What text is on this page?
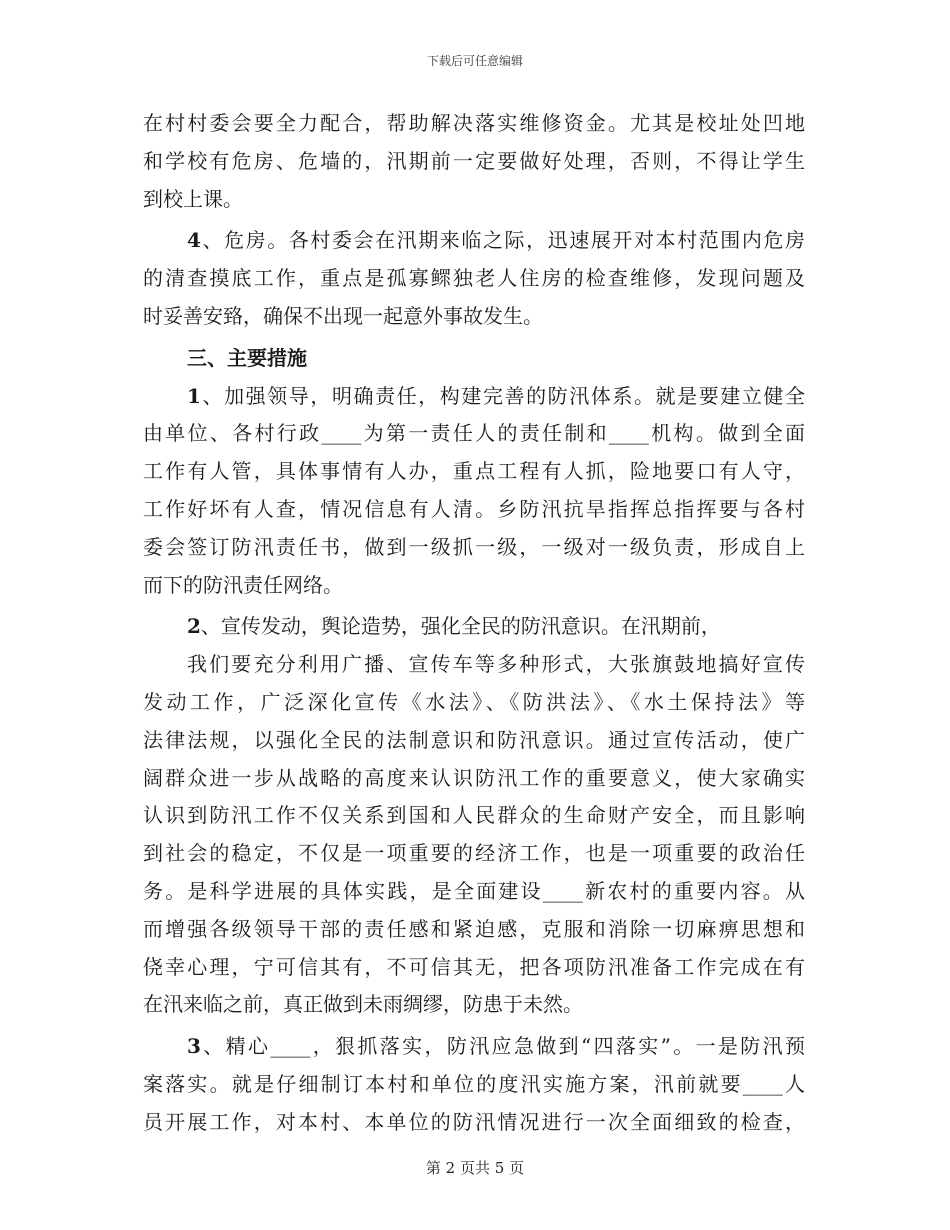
下载后可任意编辑
在村村委会要全力配合，帮助解决落实维修资金。尤其是校址处凹地
和学校有危房、危墙的，汛期前一定要做好处理，否则，不得让学生
到校上课。
4、危房。各村委会在汛期来临之际，迅速展开对本村范围内危房
的清查摸底工作，重点是孤寡鳏独老人住房的检查维修，发现问题及
时妥善安臵，确保不出现一起意外事故发生。
三、主要措施
1、加强领导，明确责任，构建完善的防汛体系。就是要建立健全
由单位、各村行政____为第一责任人的责任制和____机构。做到全面
工作有人管，具体事情有人办，重点工程有人抓，险地要口有人守，
工作好坏有人查，情况信息有人清。乡防汛抗旱指挥总指挥要与各村
委会签订防汛责任书，做到一级抓一级，一级对一级负责，形成自上
而下的防汛责任网络。
2、宣传发动，舆论造势，强化全民的防汛意识。在汛期前，
我们要充分利用广播、宣传车等多种形式，大张旗鼓地搞好宣传
发动工作，广泛深化宣传《水法》、《防洪法》、《水土保持法》等
法律法规，以强化全民的法制意识和防汛意识。通过宣传活动，使广
阔群众进一步从战略的高度来认识防汛工作的重要意义，使大家确实
认识到防汛工作不仅关系到国和人民群众的生命财产安全，而且影响
到社会的稳定，不仅是一项重要的经济工作，也是一项重要的政治任
务。是科学进展的具体实践，是全面建设____新农村的重要内容。从
而增强各级领导干部的责任感和紧迫感，克服和消除一切麻痹思想和
侥幸心理，宁可信其有，不可信其无，把各项防汛准备工作完成在有
在汛来临之前，真正做到未雨绸缪，防患于未然。
3、精心____，狠抓落实，防汛应急做到“四落实”。一是防汛预
案落实。就是仔细制订本村和单位的度汛实施方案，汛前就要____人
员开展工作，对本村、本单位的防汛情况进行一次全面细致的检查，
第 2 页共 5 页
